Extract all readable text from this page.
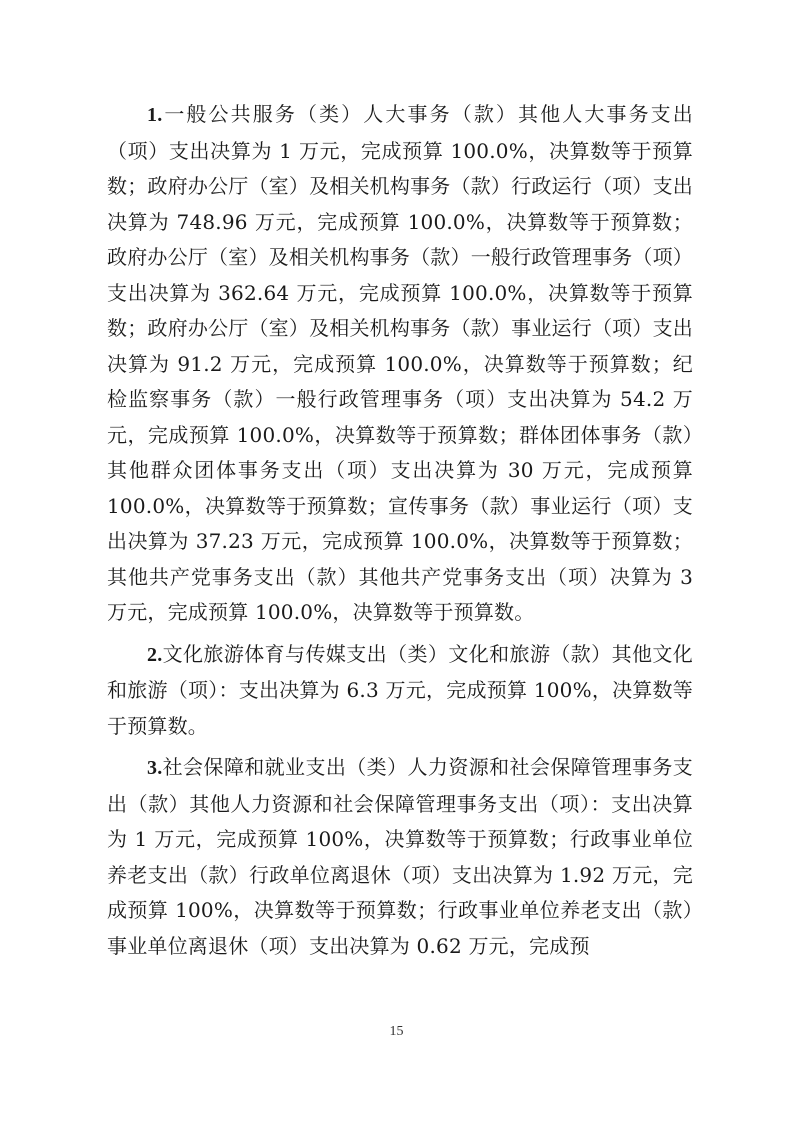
1.一般公共服务（类）人大事务（款）其他人大事务支出（项）支出决算为 1 万元，完成预算 100.0%，决算数等于预算数；政府办公厅（室）及相关机构事务（款）行政运行（项）支出决算为 748.96 万元，完成预算 100.0%，决算数等于预算数；政府办公厅（室）及相关机构事务（款）一般行政管理事务（项）支出决算为 362.64 万元，完成预算 100.0%，决算数等于预算数；政府办公厅（室）及相关机构事务（款）事业运行（项）支出决算为 91.2 万元，完成预算 100.0%，决算数等于预算数；纪检监察事务（款）一般行政管理事务（项）支出决算为 54.2 万元，完成预算 100.0%，决算数等于预算数；群体团体事务（款）其他群众团体事务支出（项）支出决算为 30 万元，完成预算 100.0%，决算数等于预算数；宣传事务（款）事业运行（项）支出决算为 37.23 万元，完成预算 100.0%，决算数等于预算数；其他共产党事务支出（款）其他共产党事务支出（项）决算为 3 万元，完成预算 100.0%，决算数等于预算数。

2.文化旅游体育与传媒支出（类）文化和旅游（款）其他文化和旅游（项）：支出决算为 6.3 万元，完成预算 100%，决算数等于预算数。

3.社会保障和就业支出（类）人力资源和社会保障管理事务支出（款）其他人力资源和社会保障管理事务支出（项）：支出决算为 1 万元，完成预算 100%，决算数等于预算数；行政事业单位养老支出（款）行政单位离退休（项）支出决算为 1.92 万元，完成预算 100%，决算数等于预算数；行政事业单位养老支出（款）事业单位离退休（项）支出决算为 0.62 万元，完成预

15
